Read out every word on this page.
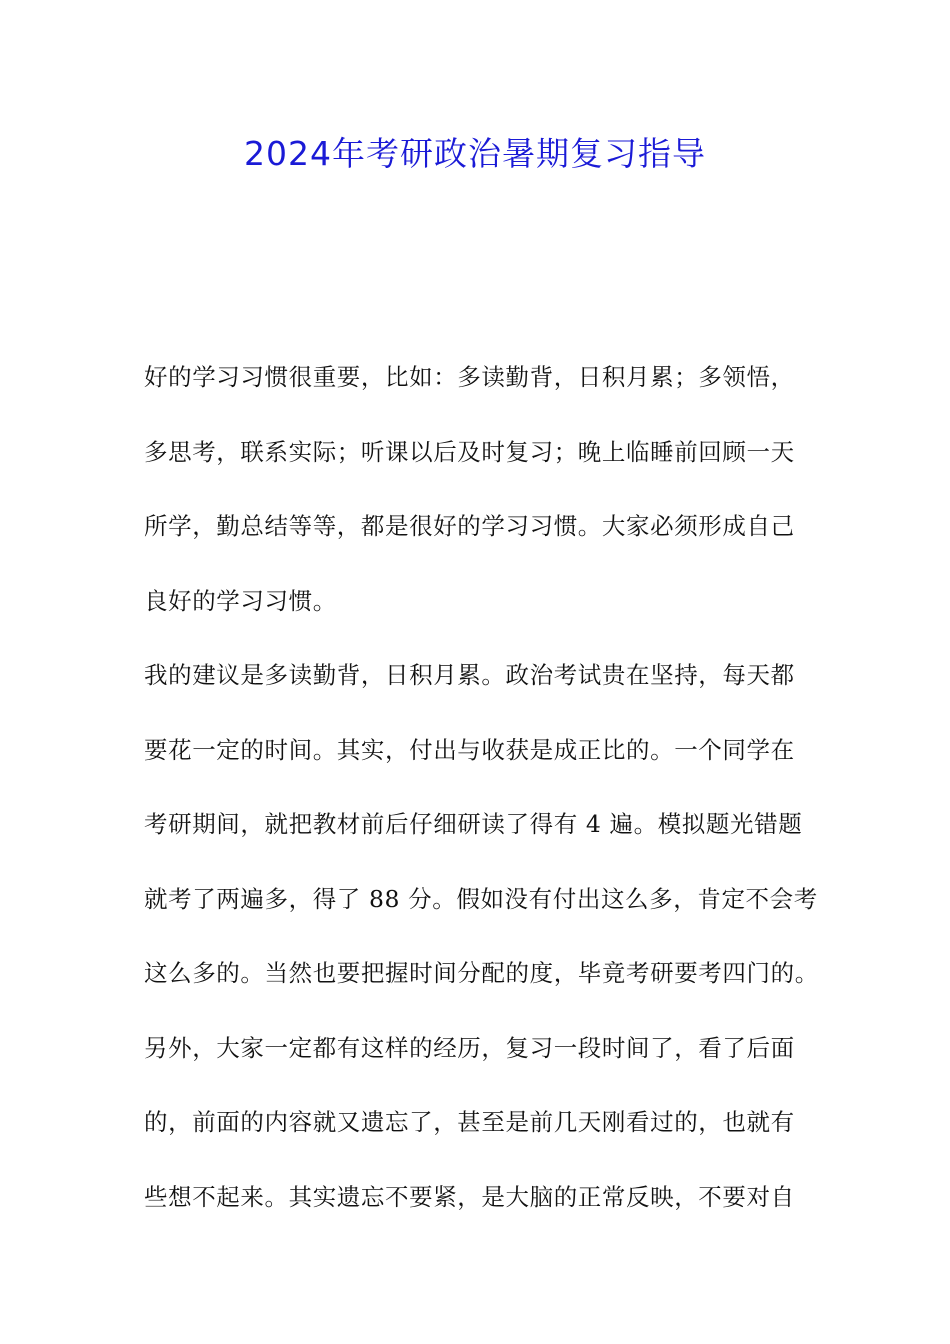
2024年考研政治暑期复习指导
好的学习习惯很重要，比如：多读勤背，日积月累；多领悟，
多思考，联系实际；听课以后及时复习；晚上临睡前回顾一天
所学，勤总结等等，都是很好的学习习惯。大家必须形成自己
良好的学习习惯。
我的建议是多读勤背，日积月累。政治考试贵在坚持，每天都
要花一定的时间。其实，付出与收获是成正比的。一个同学在
考研期间，就把教材前后仔细研读了得有 4 遍。模拟题光错题
就考了两遍多，得了 88 分。假如没有付出这么多，肯定不会考
这么多的。当然也要把握时间分配的度，毕竟考研要考四门的。
另外，大家一定都有这样的经历，复习一段时间了，看了后面
的，前面的内容就又遗忘了，甚至是前几天刚看过的，也就有
些想不起来。其实遗忘不要紧，是大脑的正常反映，不要对自
